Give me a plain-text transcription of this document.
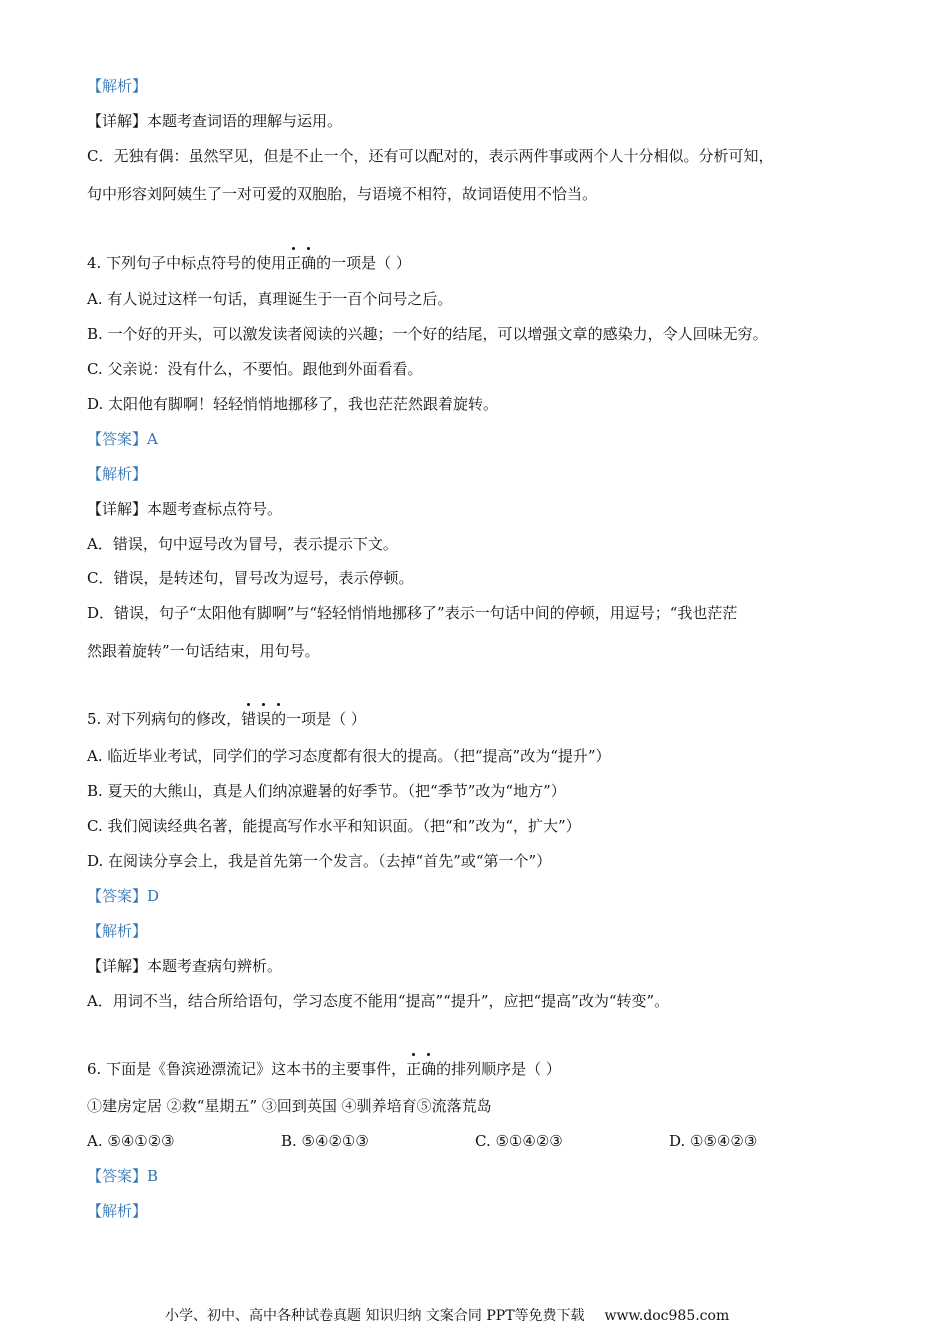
【解析】
【详解】本题考查词语的理解与运用。
C．无独有偶：虽然罕见，但是不止一个，还有可以配对的，表示两件事或两个人十分相似。分析可知，
句中形容刘阿姨生了一对可爱的双胞胎，与语境不相符，故词语使用不恰当。
4. 下列句子中标点符号的使用正确的一项是（ ）
A. 有人说过这样一句话，真理诞生于一百个问号之后。
B. 一个好的开头，可以激发读者阅读的兴趣；一个好的结尾，可以增强文章的感染力，令人回味无穷。
C. 父亲说：没有什么，不要怕。跟他到外面看看。
D. 太阳他有脚啊！轻轻悄悄地挪移了，我也茫茫然跟着旋转。
【答案】A
【解析】
【详解】本题考查标点符号。
A．错误，句中逗号改为冒号，表示提示下文。
C．错误，是转述句，冒号改为逗号，表示停顿。
D．错误，句子“太阳他有脚啊”与“轻轻悄悄地挪移了”表示一句话中间的停顿，用逗号；“我也茫茫
然跟着旋转”一句话结束，用句号。
5. 对下列病句的修改，错误的一项是（ ）
A. 临近毕业考试，同学们的学习态度都有很大的提高。（把“提高”改为“提升”）
B. 夏天的大熊山，真是人们纳凉避暑的好季节。（把“季节”改为“地方”）
C. 我们阅读经典名著，能提高写作水平和知识面。（把“和”改为“，扩大”）
D. 在阅读分享会上，我是首先第一个发言。（去掉“首先”或“第一个”）
【答案】D
【解析】
【详解】本题考查病句辨析。
A．用词不当，结合所给语句，学习态度不能用“提高”“提升”，应把“提高”改为“转变”。
6. 下面是《鲁滨逊漂流记》这本书的主要事件，正确的排列顺序是（ ）
①建房定居 ②救“星期五” ③回到英国 ④驯养培育⑤流落荒岛
A. ⑤④①②③	B. ⑤④②①③	C. ⑤①④②③	D. ①⑤④②③
【答案】B
【解析】
小学、初中、高中各种试卷真题 知识归纳 文案合同 PPT等免费下载 www.doc985.com
